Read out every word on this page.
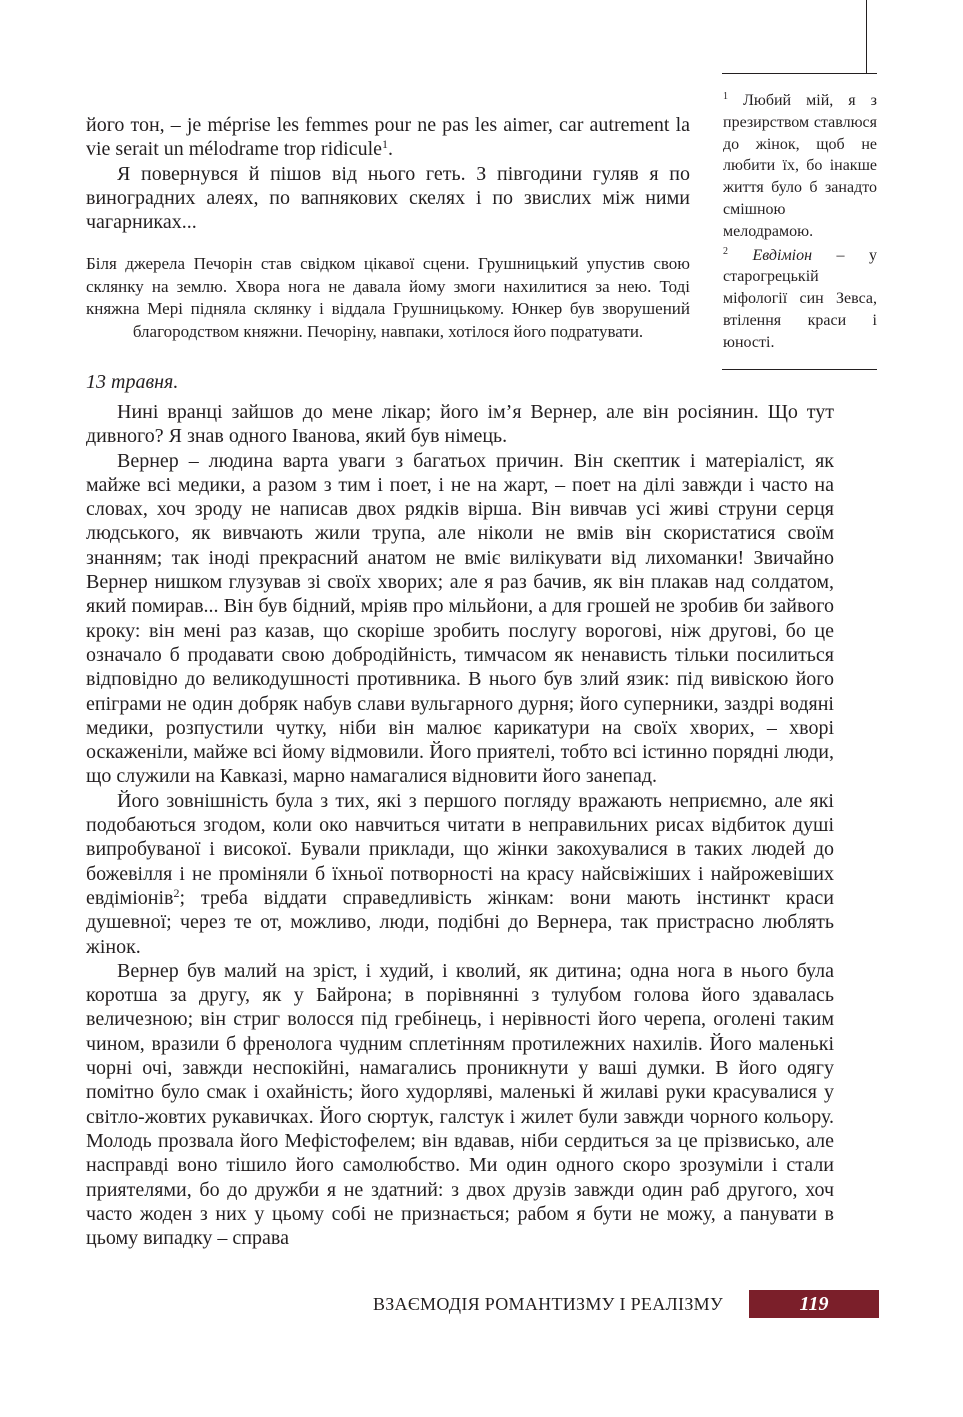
$^1$ Любий мій, я з презирством ставлюся до жінок, щоб не любити їх, бо інакше життя було б занадто смішною мелодрамою.

$^2$ Евдіміон – у старогрецькій міфології син Зевса, втілення краси і юності.

його тон, – je méprise les femmes pour ne pas les aimer, car autrement la vie serait un mélodrame trop ridicule$^1$.

Я повернувся й пішов від нього геть. З півгодини гуляв я по виноградних алеях, по вапнякових скелях і по звислих між ними чагарниках...

Біля джерела Печорін став свідком цікавої сцени. Грушницький упустив свою склянку на землю. Хвора нога не давала йому змоги нахилитися за нею. Тоді княжна Мері підняла склянку і віддала Грушницькому. Юнкер був зворушений благородством княжни. Печоріну, навпаки, хотілося його подратувати.

13 травня.

Нині вранці зайшов до мене лікар; його ім’я Вернер, але він росіянин. Що тут дивного? Я знав одного Іванова, який був німець.

Вернер – людина варта уваги з багатьох причин. Він скептик і матеріаліст, як майже всі медики, а разом з тим і поет, і не на жарт, – поет на ділі завжди і часто на словах, хоч зроду не написав двох рядків вірша. Він вивчав усі живі струни серця людського, як вивчають жили трупа, але ніколи не вмів він скористатися своїм знанням; так іноді прекрасний анатом не вміє вилікувати від лихоманки! Звичайно Вернер нишком глузував зі своїх хворих; але я раз бачив, як він плакав над солдатом, який помирав... Він був бідний, мріяв про мільйони, а для грошей не зробив би зайвого кроку: він мені раз казав, що скоріше зробить послугу ворогові, ніж другові, бо це означало б продавати свою добродійність, тимчасом як ненависть тільки посилиться відповідно до великодушності противника. В нього був злий язик: під вивіскою його епіграми не один добряк набув слави вульгарного дурня; його суперники, заздрі водяні медики, розпустили чутку, ніби він малює карикатури на своїх хворих, – хворі оскаженіли, майже всі йому відмовили. Його приятелі, тобто всі істинно порядні люди, що служили на Кавказі, марно намагалися відновити його занепад.

Його зовнішність була з тих, які з першого погляду вражають неприємно, але які подобаються згодом, коли око навчиться читати в неправильних рисах відбиток душі випробуваної і високої. Бували приклади, що жінки закохувалися в таких людей до божевілля і не проміняли б їхньої потворності на красу найсвіжіших і найрожевіших евдіміонів$^2$; треба віддати справедливість жінкам: вони мають інстинкт краси душевної; через те от, можливо, люди, подібні до Вернера, так пристрасно люблять жінок.

Вернер був малий на зріст, і худий, і кволий, як дитина; одна нога в нього була коротша за другу, як у Байрона; в порівнянні з тулубом голова його здавалась величезною; він стриг волосся під гребінець, і нерівності його черепа, оголені таким чином, вразили б френолога чудним сплетінням протилежних нахилів. Його маленькі чорні очі, завжди неспокійні, намагались проникнути у ваші думки. В його одягу помітно було смак і охайність; його худорляві, маленькі й жилаві руки красувалися у світло-жовтих рукавичках. Його сюртук, галстук і жилет були завжди чорного кольору. Молодь прозвала його Мефістофелем; він вдавав, ніби сердиться за це прізвисько, але насправді воно тішило його самолюбство. Ми один одного скоро зрозуміли і стали приятелями, бо до дружби я не здатний: з двох друзів завжди один раб другого, хоч часто жоден з них у цьому собі не признається; рабом я бути не можу, а панувати в цьому випадку – справа

ВЗАЄМОДІЯ РОМАНТИЗМУ І РЕАЛІЗМУ	119
